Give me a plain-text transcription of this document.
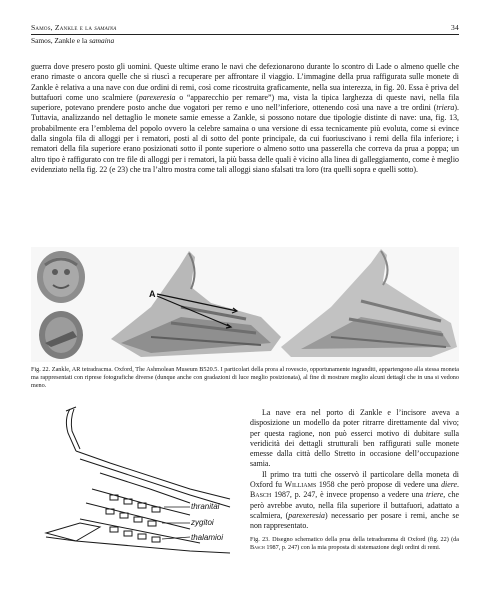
Samos, Zankle e la samaina	34
Samos, Zankle e la samaina

guerra dove presero posto gli uomini. Queste ultime erano le navi che defezionarono durante lo scontro di Lade o almeno quelle che erano rimaste o ancora quelle che si riuscì a recuperare per affrontare il viaggio. L’immagine della prua raffigurata sulle monete di Zankle è relativa a una nave con due ordini di remi, così come ricostruita graficamente, nella sua interezza, in fig. 20. Essa è priva del buttafuori come uno scalmiere (parexeresia o “apparecchio per remare”) ma, vista la tipica larghezza di queste navi, nella fila superiore, potevano prendere posto anche due vogatori per remo e uno nell’inferiore, ottenendo così una nave a tre ordini (triera). Tuttavia, analizzando nel dettaglio le monete samie emesse a Zankle, si possono notare due tipologie distinte di nave: una, fig. 13, probabilmente era l’emblema del popolo ovvero la celebre samaina o una versione di essa tecnicamente più evoluta, come si evince dalla singola fila di alloggi per i rematori, posti al di sotto del ponte principale, da cui fuoriuscivano i remi della fila inferiore; i rematori della fila superiore erano posizionati sotto il ponte superiore o almeno sotto una passerella che correva da prua a poppa; un altro tipo è raffigurato con tre file di alloggi per i rematori, la più bassa delle quali è vicino alla linea di galleggiamento, come è meglio evidenziato nella fig. 22 (e 23) che tra l’altro mostra come tali alloggi siano sfalsati tra loro (tra quelli sopra e quelli sotto).

A
Fig. 22. Zankle, AR tetradracma. Oxford, The Ashmolean Museum B520.5. I particolari della prora al rovescio, opportunamente ingranditi, appartengono alla stessa moneta ma rappresentati con riprese fotografiche diverse (dunque anche con gradazioni di luce meglio posizionata), al fine di mostrare meglio alcuni dettagli che in una si vedono meno.
thranitai
zygitoi
thalamioi

La nave era nel porto di Zankle e l’incisore aveva a disposizione un modello da poter ritrarre direttamente dal vivo; per questa ragione, non può esserci motivo di dubitare sulla veridicità dei dettagli strutturali ben raffigurati sulle monete emesse dalla città dello Stretto in occasione dell’occupazione samia.

Il primo tra tutti che osservò il particolare della moneta di Oxford fu Williams 1958 che però propose di vedere una diere. Basch 1987, p. 247, è invece propenso a vedere una triere, che però avrebbe avuto, nella fila superiore il buttafuori, adattato a scalmiera, (parexeresia) necessario per posare i remi, anche se non rappresentato.

Fig. 23. Disegno schematico della prua della tetradramma di Oxford (fig. 22) (da Basch 1987, p. 247) con la mia proposta di sistemazione degli ordini di remi.
